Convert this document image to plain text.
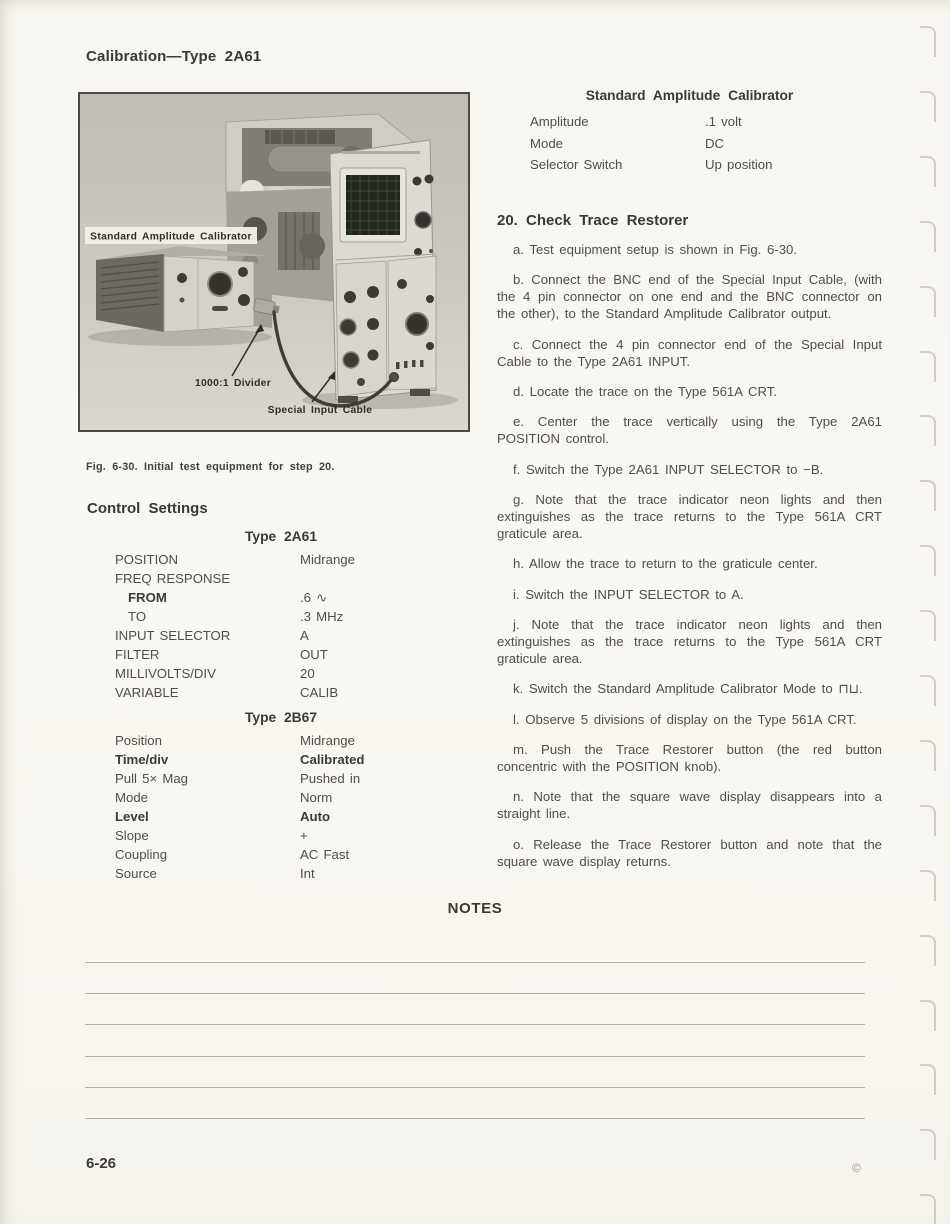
Calibration—Type 2A61
Standard Amplitude Calibrator
1000:1 Divider
Special Input Cable
Fig. 6-30. Initial test equipment for step 20.
Control Settings
Type 2A61
POSITION	Midrange
FREQ RESPONSE
FROM	.6 ∿
TO	.3 MHz
INPUT SELECTOR	A
FILTER	OUT
MILLIVOLTS/DIV	20
VARIABLE	CALIB
Type 2B67
Position	Midrange
Time/div	Calibrated
Pull 5× Mag	Pushed in
Mode	Norm
Level	Auto
Slope	+
Coupling	AC Fast
Source	Int
Standard Amplitude Calibrator
Amplitude	.1 volt
Mode	DC
Selector Switch	Up position
20. Check Trace Restorer

a. Test equipment setup is shown in Fig. 6-30.

b. Connect the BNC end of the Special Input Cable, (with the 4 pin connector on one end and the BNC connector on the other), to the Standard Amplitude Calibrator output.

c. Connect the 4 pin connector end of the Special Input Cable to the Type 2A61 INPUT.

d. Locate the trace on the Type 561A CRT.

e. Center the trace vertically using the Type 2A61 POSITION control.

f. Switch the Type 2A61 INPUT SELECTOR to −B.

g. Note that the trace indicator neon lights and then extinguishes as the trace returns to the Type 561A CRT graticule area.

h. Allow the trace to return to the graticule center.

i. Switch the INPUT SELECTOR to A.

j. Note that the trace indicator neon lights and then extinguishes as the trace returns to the Type 561A CRT graticule area.

k. Switch the Standard Amplitude Calibrator Mode to ⊓⊔.

l. Observe 5 divisions of display on the Type 561A CRT.

m. Push the Trace Restorer button (the red button concentric with the POSITION knob).

n. Note that the square wave display disappears into a straight line.

o. Release the Trace Restorer button and note that the square wave display returns.

NOTES
6-26	©
